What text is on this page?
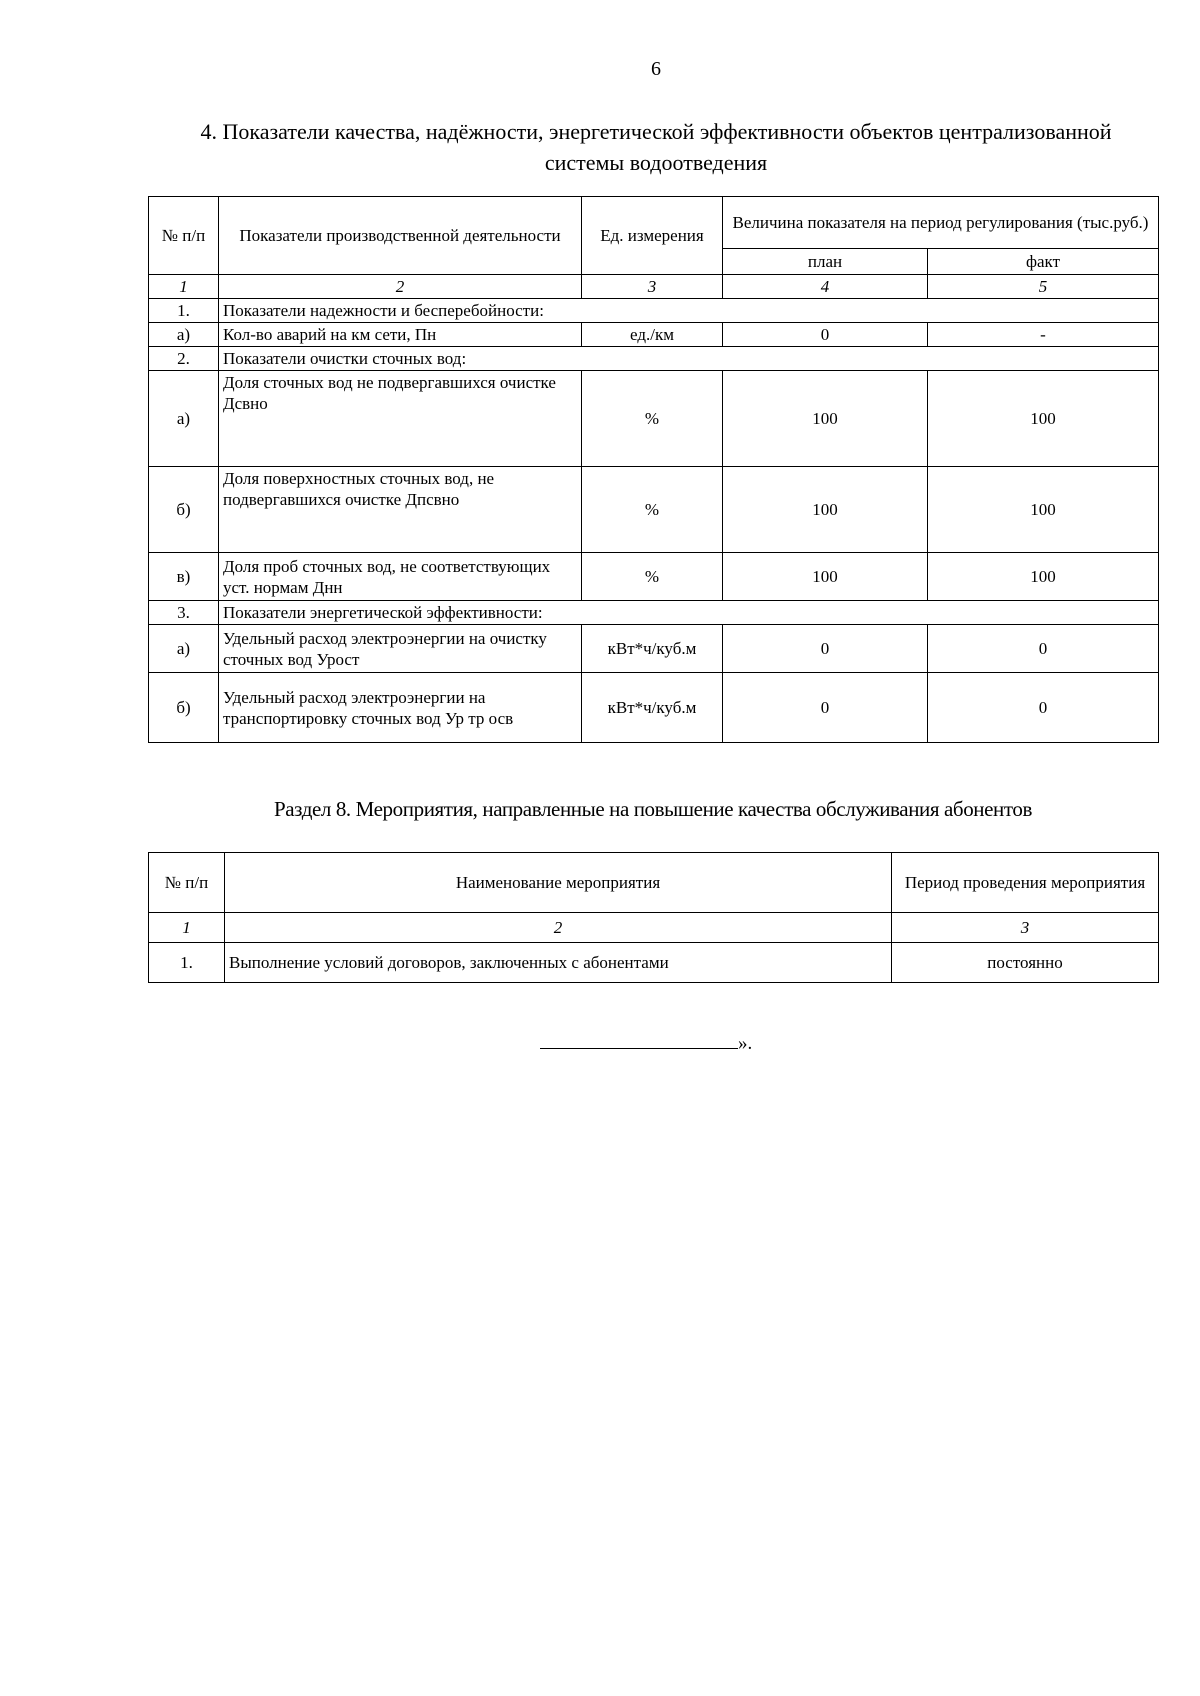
6
4. Показатели качества, надёжности, энергетической эффективности объектов централизованной системы водоотведения
№ п/п	Показатели производственной деятельности	Ед. измерения	Величина показателя на период регулирования (тыс.руб.)	
			план	факт
1	2	3	4	5
1.	Показатели надежности и бесперебойности:			
а)	Кол-во аварий на км сети, Пн	ед./км	0	-
2.	Показатели очистки сточных вод:			
а)	Доля сточных вод не подвергавшихся очистке Дсвно	%	100	100
б)	Доля поверхностных сточных вод, не подвергавшихся очистке Дпсвно	%	100	100
в)	Доля проб сточных вод, не соответствующих уст. нормам Днн	%	100	100
3.	Показатели энергетической эффективности:			
а)	Удельный расход электроэнергии на очистку сточных вод Урост	кВт*ч/куб.м	0	0
б)	Удельный расход электроэнергии на транспортировку сточных вод Ур тр осв	кВт*ч/куб.м	0	0
Раздел 8. Мероприятия, направленные на повышение качества обслуживания абонентов
№ п/п	Наименование мероприятия	Период проведения мероприятия
1	2	3
1.	Выполнение условий договоров, заключенных с абонентами	постоянно
».
